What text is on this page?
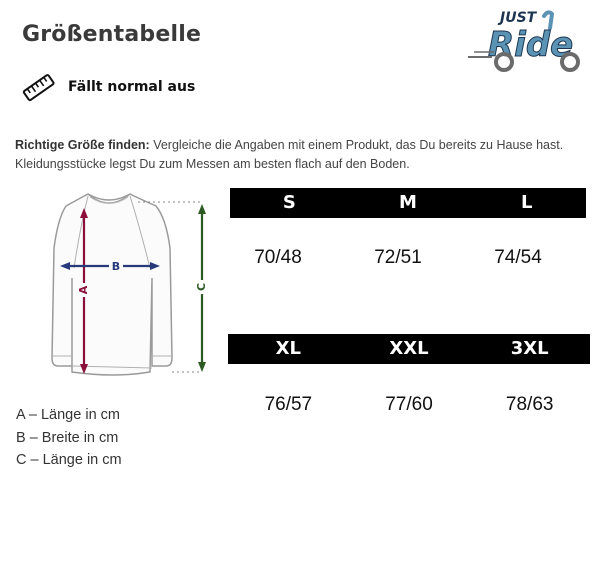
Größentabelle
JUST
Ride
Fällt normal aus
Richtige Größe finden: Vergleiche die Angaben mit einem Produkt, das Du bereits zu Hause hast. Kleidungsstücke legst Du zum Messen am besten flach auf den Boden.
A
B
C
A – Länge in cm
B – Breite in cm
C – Länge in cm
S	M	L
70/48	72/51	74/54
XL	XXL	3XL
76/57	77/60	78/63
